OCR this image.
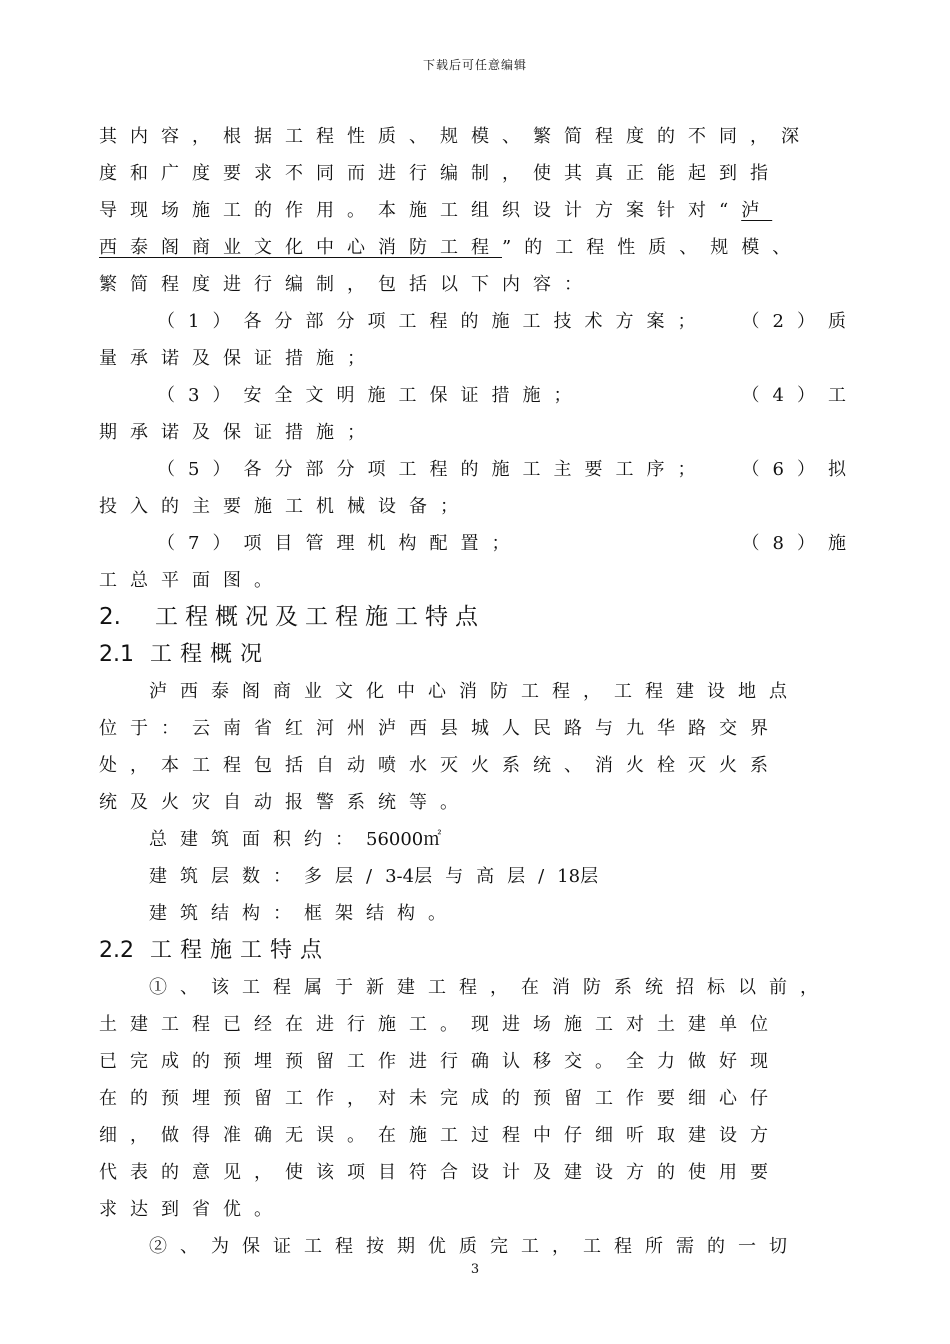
下载后可任意编辑
其内容，根据工程性质、规模、繁简程度的不同，深
度和广度要求不同而进行编制，使其真正能起到指
导现场施工的作用。本施工组织设计方案针对“泸
西泰阁商业文化中心消防工程”的工程性质、规模、
繁简程度进行编制，包括以下内容：
（1）各分部分项工程的施工技术方案； （2）质
量承诺及保证措施；
（3）安全文明施工保证措施；	（4）工
期承诺及保证措施；
（5）各分部分项工程的施工主要工序； （6）拟
投入的主要施工机械设备；
（7）项目管理机构配置；	（8）施
工总平面图。
2. 工程概况及工程施工特点
2.1 工程概况
泸西泰阁商业文化中心消防工程，工程建设地点
位于：云南省红河州泸西县城人民路与九华路交界
处，本工程包括自动喷水灭火系统、消火栓灭火系
统及火灾自动报警系统等。
总建筑面积约：56000㎡
建筑层数：多层/3-4层与高层/18层
建筑结构：框架结构。
2.2 工程施工特点
①、该工程属于新建工程，在消防系统招标以前，
土建工程已经在进行施工。现进场施工对土建单位
已完成的预埋预留工作进行确认移交。全力做好现
在的预埋预留工作，对未完成的预留工作要细心仔
细，做得准确无误。在施工过程中仔细听取建设方
代表的意见，使该项目符合设计及建设方的使用要
求达到省优。
②、为保证工程按期优质完工，工程所需的一切
3
